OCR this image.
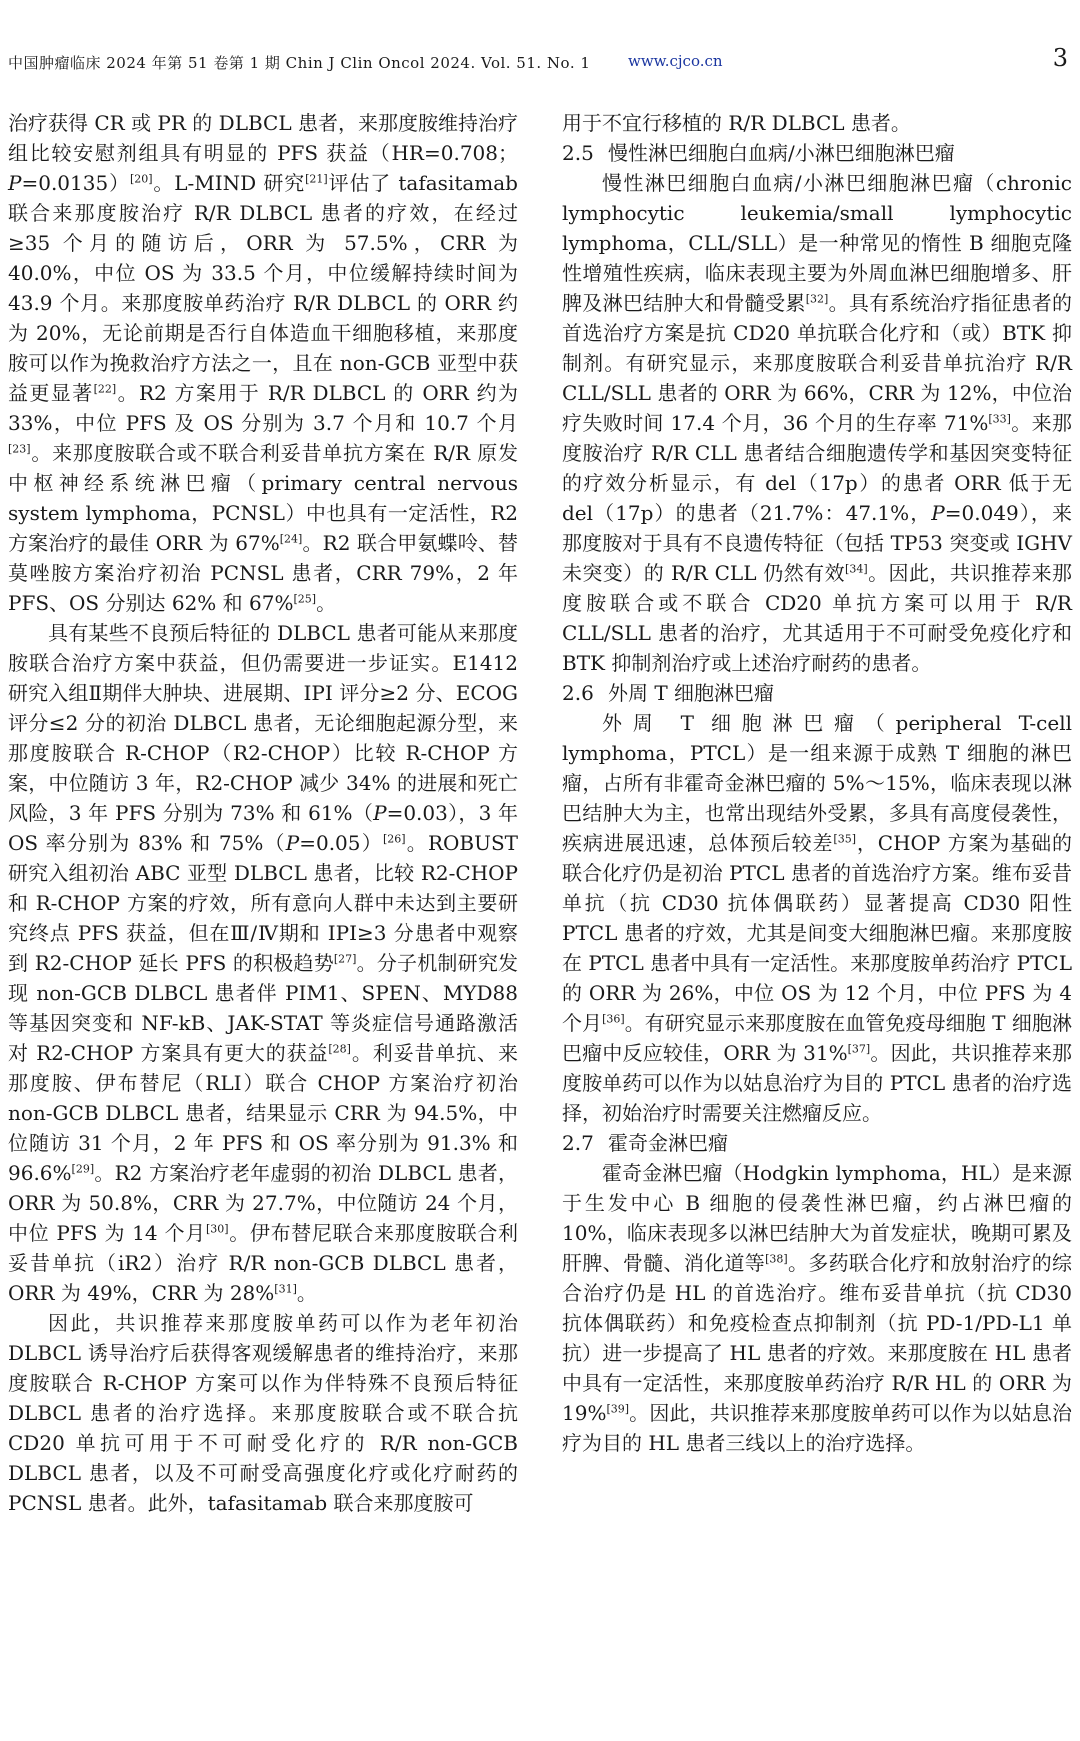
中国肿瘤临床 2024 年第 51 卷第 1 期 Chin J Clin Oncol 2024. Vol. 51. No. 1	www.cjco.cn	3

治疗获得 CR 或 PR 的 DLBCL 患者，来那度胺维持治疗组比较安慰剂组具有明显的 PFS 获益（HR=0.708；P=0.0135）[20]。L-MIND 研究[21]评估了 tafasitamab 联合来那度胺治疗 R/R DLBCL 患者的疗效，在经过≥35 个月的随访后，ORR 为 57.5%，CRR 为 40.0%，中位 OS 为 33.5 个月，中位缓解持续时间为 43.9 个月。来那度胺单药治疗 R/R DLBCL 的 ORR 约为 20%，无论前期是否行自体造血干细胞移植，来那度胺可以作为挽救治疗方法之一，且在 non-GCB 亚型中获益更显著[22]。R2 方案用于 R/R DLBCL 的 ORR 约为 33%，中位 PFS 及 OS 分别为 3.7 个月和 10.7 个月[23]。来那度胺联合或不联合利妥昔单抗方案在 R/R 原发中枢神经系统淋巴瘤（primary central nervous system lymphoma，PCNSL）中也具有一定活性，R2 方案治疗的最佳 ORR 为 67%[24]。R2 联合甲氨蝶呤、替莫唑胺方案治疗初治 PCNSL 患者，CRR 79%，2 年 PFS、OS 分别达 62% 和 67%[25]。

具有某些不良预后特征的 DLBCL 患者可能从来那度胺联合治疗方案中获益，但仍需要进一步证实。E1412 研究入组Ⅱ期伴大肿块、进展期、IPI 评分≥2 分、ECOG 评分≤2 分的初治 DLBCL 患者，无论细胞起源分型，来那度胺联合 R-CHOP（R2-CHOP）比较 R-CHOP 方案，中位随访 3 年，R2-CHOP 减少 34% 的进展和死亡风险，3 年 PFS 分别为 73% 和 61%（P=0.03），3 年 OS 率分别为 83% 和 75%（P=0.05）[26]。ROBUST 研究入组初治 ABC 亚型 DLBCL 患者，比较 R2-CHOP 和 R-CHOP 方案的疗效，所有意向人群中未达到主要研究终点 PFS 获益，但在Ⅲ/Ⅳ期和 IPI≥3 分患者中观察到 R2-CHOP 延长 PFS 的积极趋势[27]。分子机制研究发现 non-GCB DLBCL 患者伴 PIM1、SPEN、MYD88 等基因突变和 NF-kB、JAK-STAT 等炎症信号通路激活对 R2-CHOP 方案具有更大的获益[28]。利妥昔单抗、来那度胺、伊布替尼（RLI）联合 CHOP 方案治疗初治 non-GCB DLBCL 患者，结果显示 CRR 为 94.5%，中位随访 31 个月，2 年 PFS 和 OS 率分别为 91.3% 和 96.6%[29]。R2 方案治疗老年虚弱的初治 DLBCL 患者，ORR 为 50.8%，CRR 为 27.7%，中位随访 24 个月，中位 PFS 为 14 个月[30]。伊布替尼联合来那度胺联合利妥昔单抗（iR2）治疗 R/R non-GCB DLBCL 患者，ORR 为 49%，CRR 为 28%[31]。

因此，共识推荐来那度胺单药可以作为老年初治 DLBCL 诱导治疗后获得客观缓解患者的维持治疗，来那度胺联合 R-CHOP 方案可以作为伴特殊不良预后特征 DLBCL 患者的治疗选择。来那度胺联合或不联合抗 CD20 单抗可用于不可耐受化疗的 R/R non-GCB DLBCL 患者，以及不可耐受高强度化疗或化疗耐药的 PCNSL 患者。此外，tafasitamab 联合来那度胺可

用于不宜行移植的 R/R DLBCL 患者。

2.5 慢性淋巴细胞白血病/小淋巴细胞淋巴瘤

慢性淋巴细胞白血病/小淋巴细胞淋巴瘤（chronic lymphocytic leukemia/small lymphocytic lymphoma，CLL/SLL）是一种常见的惰性 B 细胞克隆性增殖性疾病，临床表现主要为外周血淋巴细胞增多、肝脾及淋巴结肿大和骨髓受累[32]。具有系统治疗指征患者的首选治疗方案是抗 CD20 单抗联合化疗和（或）BTK 抑制剂。有研究显示，来那度胺联合利妥昔单抗治疗 R/R CLL/SLL 患者的 ORR 为 66%，CRR 为 12%，中位治疗失败时间 17.4 个月，36 个月的生存率 71%[33]。来那度胺治疗 R/R CLL 患者结合细胞遗传学和基因突变特征的疗效分析显示，有 del（17p）的患者 ORR 低于无 del（17p）的患者（21.7%：47.1%，P=0.049），来那度胺对于具有不良遗传特征（包括 TP53 突变或 IGHV 未突变）的 R/R CLL 仍然有效[34]。因此，共识推荐来那度胺联合或不联合 CD20 单抗方案可以用于 R/R CLL/SLL 患者的治疗，尤其适用于不可耐受免疫化疗和 BTK 抑制剂治疗或上述治疗耐药的患者。

2.6 外周 T 细胞淋巴瘤

外周 T 细胞淋巴瘤（peripheral T-cell lymphoma，PTCL）是一组来源于成熟 T 细胞的淋巴瘤，占所有非霍奇金淋巴瘤的 5%～15%，临床表现以淋巴结肿大为主，也常出现结外受累，多具有高度侵袭性，疾病进展迅速，总体预后较差[35]，CHOP 方案为基础的联合化疗仍是初治 PTCL 患者的首选治疗方案。维布妥昔单抗（抗 CD30 抗体偶联药）显著提高 CD30 阳性 PTCL 患者的疗效，尤其是间变大细胞淋巴瘤。来那度胺在 PTCL 患者中具有一定活性。来那度胺单药治疗 PTCL 的 ORR 为 26%，中位 OS 为 12 个月，中位 PFS 为 4 个月[36]。有研究显示来那度胺在血管免疫母细胞 T 细胞淋巴瘤中反应较佳，ORR 为 31%[37]。因此，共识推荐来那度胺单药可以作为以姑息治疗为目的 PTCL 患者的治疗选择，初始治疗时需要关注燃瘤反应。

2.7 霍奇金淋巴瘤

霍奇金淋巴瘤（Hodgkin lymphoma，HL）是来源于生发中心 B 细胞的侵袭性淋巴瘤，约占淋巴瘤的 10%，临床表现多以淋巴结肿大为首发症状，晚期可累及肝脾、骨髓、消化道等[38]。多药联合化疗和放射治疗的综合治疗仍是 HL 的首选治疗。维布妥昔单抗（抗 CD30 抗体偶联药）和免疫检查点抑制剂（抗 PD-1/PD-L1 单抗）进一步提高了 HL 患者的疗效。来那度胺在 HL 患者中具有一定活性，来那度胺单药治疗 R/R HL 的 ORR 为 19%[39]。因此，共识推荐来那度胺单药可以作为以姑息治疗为目的 HL 患者三线以上的治疗选择。
